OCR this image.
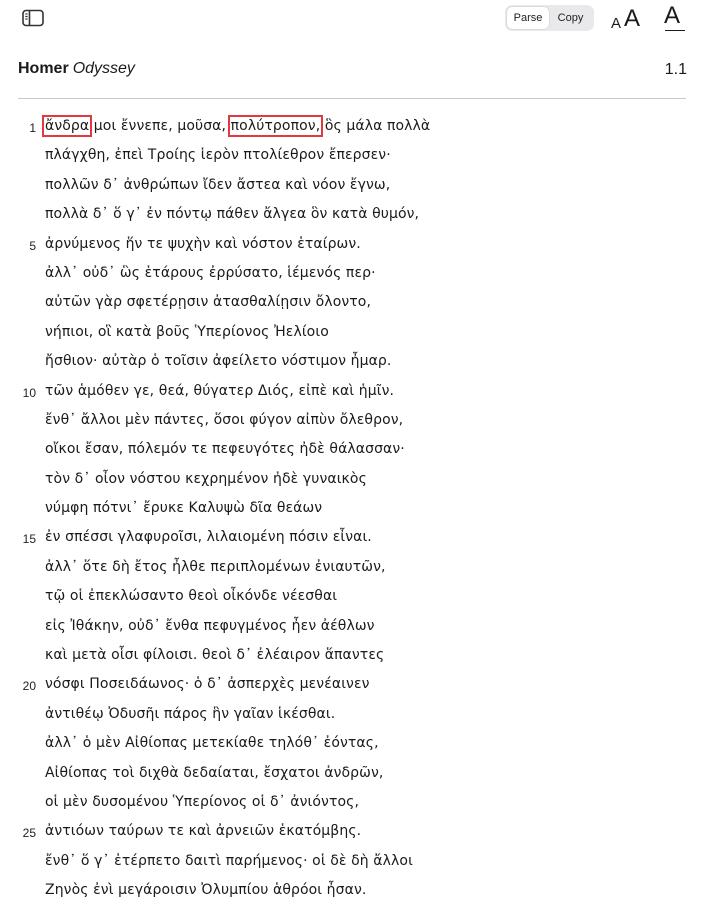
Parse	Copy	A A A
Homer Odyssey	1.1
1 ἄνδρα μοι ἔννεπε, μοῦσα, πολύτροπον, ὃς μάλα πολλὰ
πλάγχθη, ἐπεὶ Τροίης ἱερὸν πτολίεθρον ἔπερσεν·
πολλῶν δ᾽ ἀνθρώπων ἴδεν ἄστεα καὶ νόον ἔγνω,
πολλὰ δ᾽ ὅ γ᾽ ἐν πόντῳ πάθεν ἄλγεα ὃν κατὰ θυμόν,
5 ἀρνύμενος ἥν τε ψυχὴν καὶ νόστον ἑταίρων.
ἀλλ᾽ οὐδ᾽ ὣς ἑτάρους ἐρρύσατο, ἱέμενός περ·
αὐτῶν γὰρ σφετέρῃσιν ἀτασθαλίῃσιν ὄλοντο,
νήπιοι, οἳ κατὰ βοῦς Ὑπερίονος Ἠελίοιο
ἤσθιον· αὐτὰρ ὁ τοῖσιν ἀφείλετο νόστιμον ἦμαρ.
10 τῶν ἁμόθεν γε, θεά, θύγατερ Διός, εἰπὲ καὶ ἡμῖν.
ἔνθ᾽ ἄλλοι μὲν πάντες, ὅσοι φύγον αἰπὺν ὄλεθρον,
οἴκοι ἔσαν, πόλεμόν τε πεφευγότες ἠδὲ θάλασσαν·
τὸν δ᾽ οἶον νόστου κεχρημένον ἠδὲ γυναικὸς
νύμφη πότνι᾽ ἔρυκε Καλυψὼ δῖα θεάων
15 ἐν σπέσσι γλαφυροῖσι, λιλαιομένη πόσιν εἶναι.
ἀλλ᾽ ὅτε δὴ ἔτος ἦλθε περιπλομένων ἐνιαυτῶν,
τῷ οἱ ἐπεκλώσαντο θεοὶ οἶκόνδε νέεσθαι
εἰς Ἰθάκην, οὐδ᾽ ἔνθα πεφυγμένος ἦεν ἀέθλων
καὶ μετὰ οἷσι φίλοισι. θεοὶ δ᾽ ἐλέαιρον ἅπαντες
20 νόσφι Ποσειδάωνος· ὁ δ᾽ ἀσπερχὲς μενέαινεν
ἀντιθέῳ Ὀδυσῆι πάρος ἣν γαῖαν ἱκέσθαι.
ἀλλ᾽ ὁ μὲν Αἰθίοπας μετεκίαθε τηλόθ᾽ ἐόντας,
Αἰθίοπας τοὶ διχθὰ δεδαίαται, ἔσχατοι ἀνδρῶν,
οἱ μὲν δυσομένου Ὑπερίονος οἱ δ᾽ ἀνιόντος,
25 ἀντιόων ταύρων τε καὶ ἀρνειῶν ἑκατόμβης.
ἔνθ᾽ ὅ γ᾽ ἐτέρπετο δαιτὶ παρήμενος· οἱ δὲ δὴ ἄλλοι
Ζηνὸς ἐνὶ μεγάροισιν Ὀλυμπίου ἁθρόοι ἦσαν.
